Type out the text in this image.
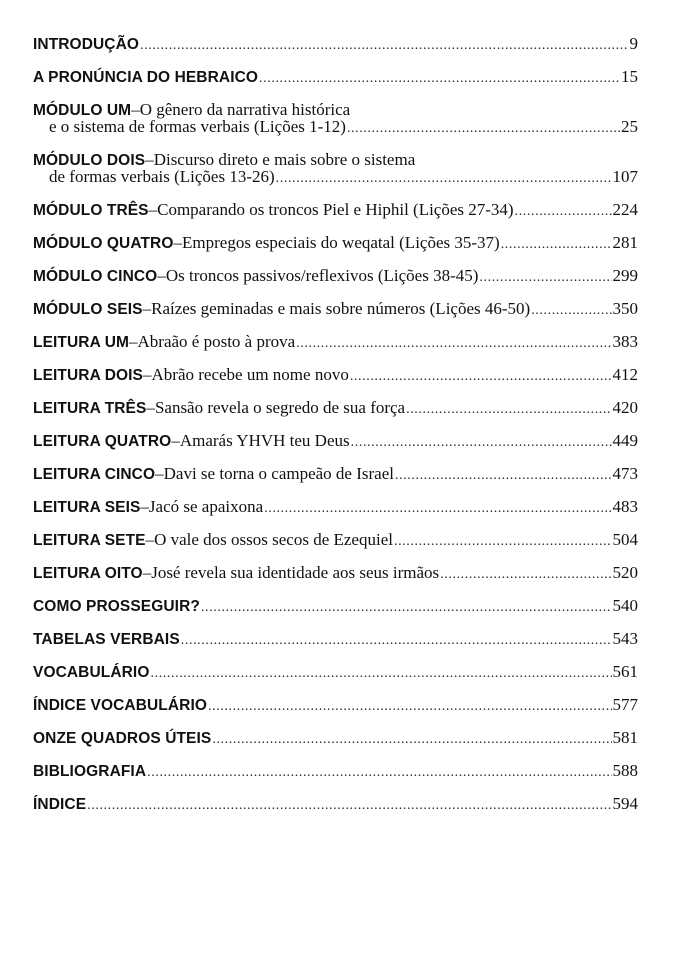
INTRODUÇÃO .....	9
A PRONÚNCIA DO HEBRAICO .....	15
MÓDULO UM – O gênero da narrativa histórica
e o sistema de formas verbais (Lições 1-12) .....	25
MÓDULO DOIS – Discurso direto e mais sobre o sistema
de formas verbais (Lições 13-26) .....	107
MÓDULO TRÊS – Comparando os troncos Piel e Hiphil (Lições 27-34) .....	224
MÓDULO QUATRO – Empregos especiais do weqatal (Lições 35-37) .....	281
MÓDULO CINCO – Os troncos passivos/reflexivos (Lições 38-45) .....	299
MÓDULO SEIS – Raízes geminadas e mais sobre números (Lições 46-50) .....	350
LEITURA UM – Abraão é posto à prova .....	383
LEITURA DOIS – Abrão recebe um nome novo .....	412
LEITURA TRÊS – Sansão revela o segredo de sua força .....	420
LEITURA QUATRO – Amarás YHVH teu Deus .....	449
LEITURA CINCO – Davi se torna o campeão de Israel .....	473
LEITURA SEIS – Jacó se apaixona .....	483
LEITURA SETE – O vale dos ossos secos de Ezequiel .....	504
LEITURA OITO – José revela sua identidade aos seus irmãos .....	520
COMO PROSSEGUIR? .....	540
TABELAS VERBAIS .....	543
VOCABULÁRIO .....	561
ÍNDICE VOCABULÁRIO .....	577
ONZE QUADROS ÚTEIS .....	581
BIBLIOGRAFIA .....	588
ÍNDICE .....	594
